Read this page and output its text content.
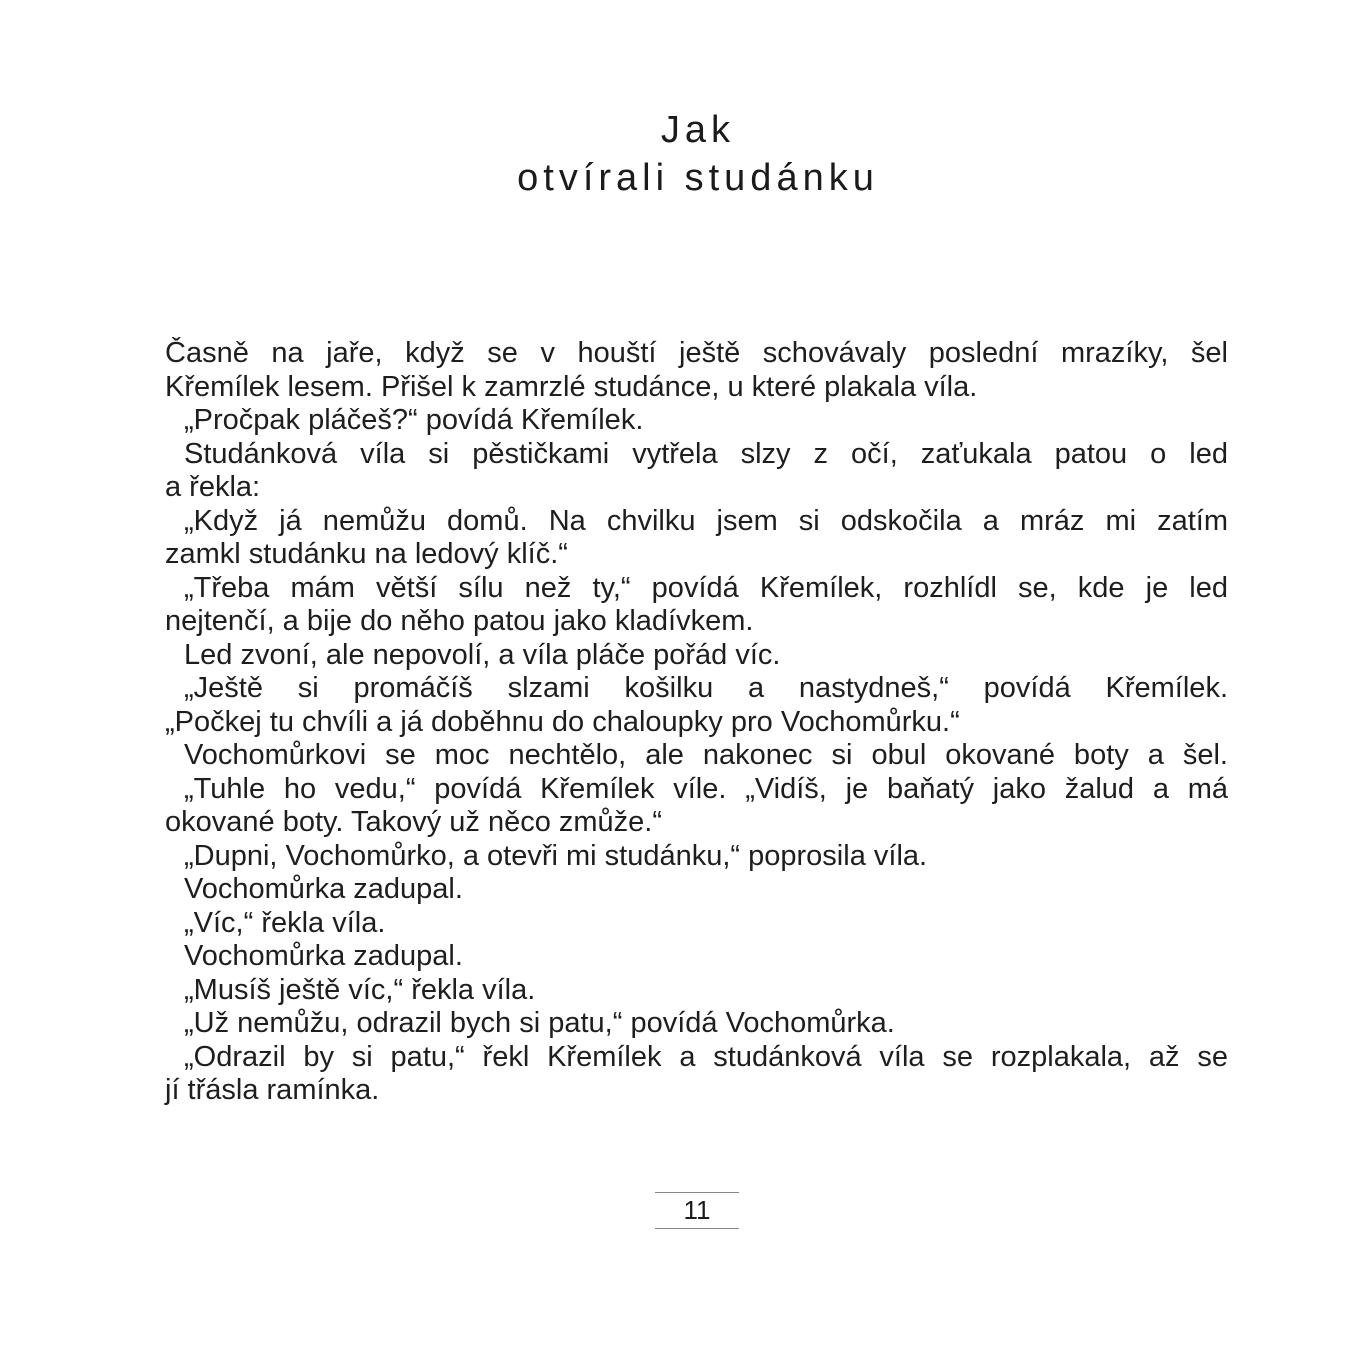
Jak
otvírali studánku
Časně na jaře, když se v houští ještě schovávaly poslední mrazíky, šel
Křemílek lesem. Přišel k zamrzlé studánce, u které plakala víla.
„Pročpak pláčeš?“ povídá Křemílek.
Studánková víla si pěstičkami vytřela slzy z očí, zaťukala patou o led
a řekla:
„Když já nemůžu domů. Na chvilku jsem si odskočila a mráz mi zatím
zamkl studánku na ledový klíč.“
„Třeba mám větší sílu než ty,“ povídá Křemílek, rozhlídl se, kde je led
nejtenčí, a bije do něho patou jako kladívkem.
Led zvoní, ale nepovolí, a víla pláče pořád víc.
„Ještě si promáčíš slzami košilku a nastydneš,“ povídá Křemílek.
„Počkej tu chvíli a já doběhnu do chaloupky pro Vochomůrku.“
Vochomůrkovi se moc nechtělo, ale nakonec si obul okované boty a šel.
„Tuhle ho vedu,“ povídá Křemílek víle. „Vidíš, je baňatý jako žalud a má
okované boty. Takový už něco zmůže.“
„Dupni, Vochomůrko, a otevři mi studánku,“ poprosila víla.
Vochomůrka zadupal.
„Víc,“ řekla víla.
Vochomůrka zadupal.
„Musíš ještě víc,“ řekla víla.
„Už nemůžu, odrazil bych si patu,“ povídá Vochomůrka.
„Odrazil by si patu,“ řekl Křemílek a studánková víla se rozplakala, až se
jí třásla ramínka.
11
